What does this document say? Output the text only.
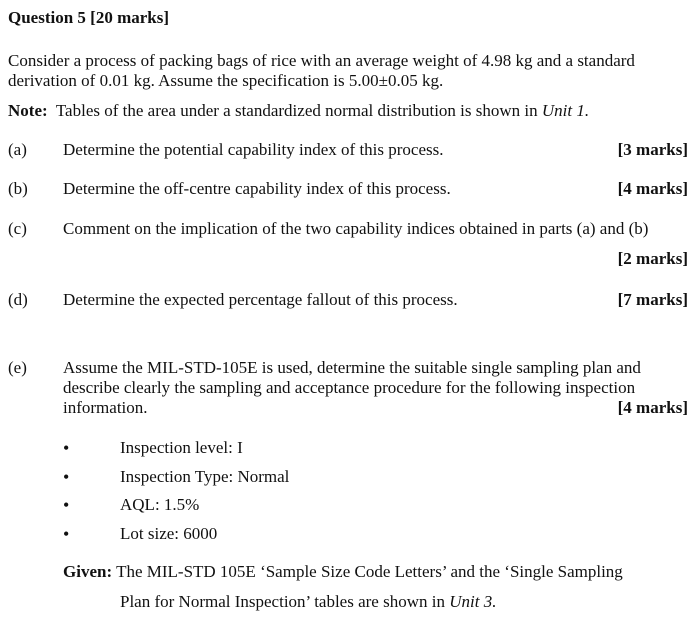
Question 5 [20 marks]
Consider a process of packing bags of rice with an average weight of 4.98 kg and a standard
derivation of 0.01 kg. Assume the specification is 5.00±0.05 kg.
Note: Tables of the area under a standardized normal distribution is shown in Unit 1.
(a) Determine the potential capability index of this process.	[3 marks]
(b) Determine the off-centre capability index of this process.	[4 marks]
(c) Comment on the implication of the two capability indices obtained in parts (a) and (b)
[2 marks]
(d) Determine the expected percentage fallout of this process.	[7 marks]
(e) Assume the MIL-STD-105E is used, determine the suitable single sampling plan and
describe clearly the sampling and acceptance procedure for the following inspection
information.	[4 marks]
•	Inspection level: I
•	Inspection Type: Normal
•	AQL: 1.5%
•	Lot size: 6000
Given: The MIL-STD 105E ‘Sample Size Code Letters’ and the ‘Single Sampling
Plan for Normal Inspection’ tables are shown in Unit 3.
